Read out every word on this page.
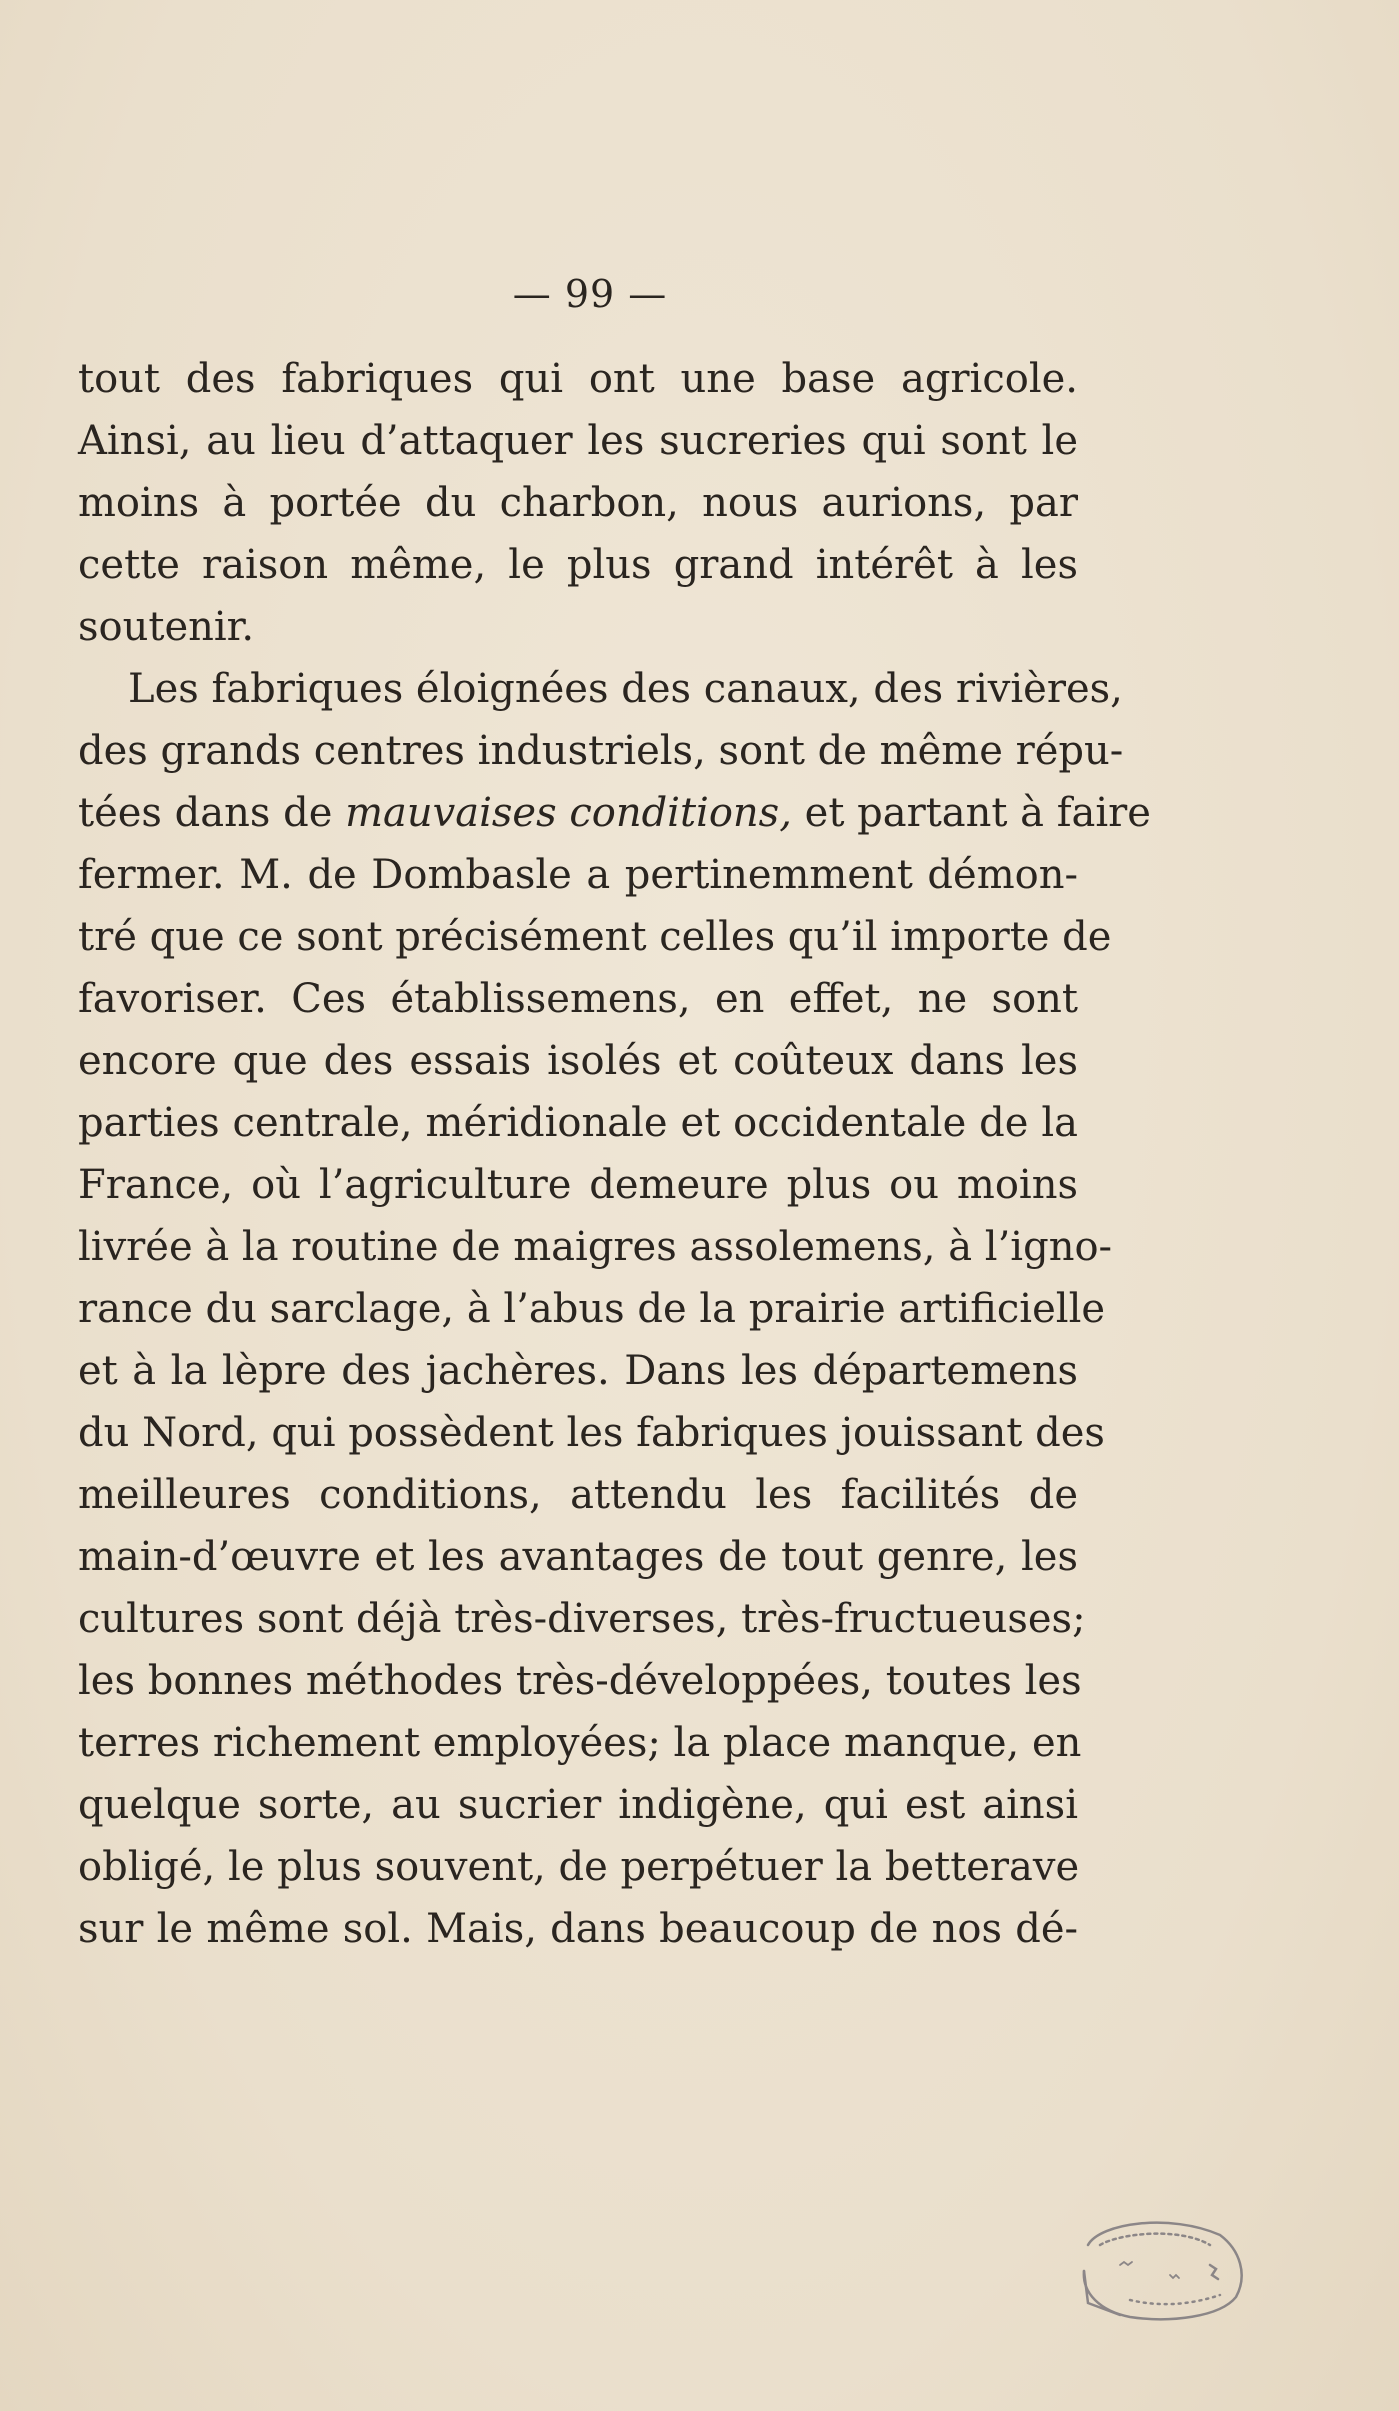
— 99 —
tout des fabriques qui ont une base agricole.
Ainsi, au lieu d’attaquer les sucreries qui sont le
moins à portée du charbon, nous aurions, par
cette raison même, le plus grand intérêt à les
soutenir.
Les fabriques éloignées des canaux, des rivières,
des grands centres industriels, sont de même répu-
tées dans de mauvaises conditions, et partant à faire
fermer. M. de Dombasle a pertinemment démon-
tré que ce sont précisément celles qu’il importe de
favoriser. Ces établissemens, en effet, ne sont
encore que des essais isolés et coûteux dans les
parties centrale, méridionale et occidentale de la
France, où l’agriculture demeure plus ou moins
livrée à la routine de maigres assolemens, à l’igno-
rance du sarclage, à l’abus de la prairie artificielle
et à la lèpre des jachères. Dans les départemens
du Nord, qui possèdent les fabriques jouissant des
meilleures conditions, attendu les facilités de
main-d’œuvre et les avantages de tout genre, les
cultures sont déjà très-diverses, très-fructueuses;
les bonnes méthodes très-développées, toutes les
terres richement employées; la place manque, en
quelque sorte, au sucrier indigène, qui est ainsi
obligé, le plus souvent, de perpétuer la betterave
sur le même sol. Mais, dans beaucoup de nos dé-
